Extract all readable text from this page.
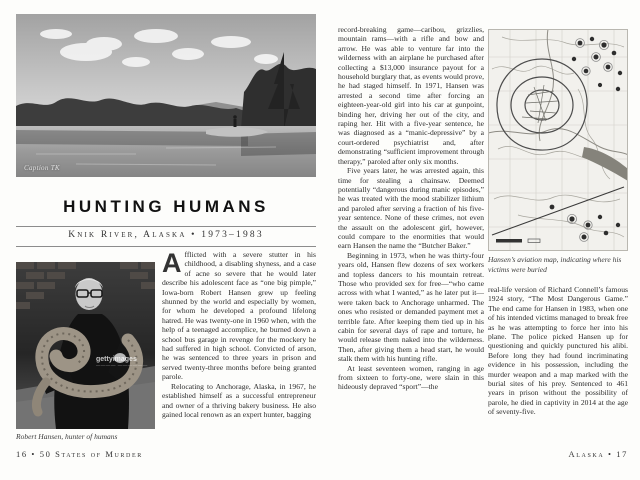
Caption TK
HUNTING HUMANS
Knik River, Alaska • 1973–1983
gettyimages
———— ——————
Robert Hansen, hunter of humans

Afflicted with a severe stutter in his childhood, a disabling shyness, and a case of acne so severe that he would later describe his adolescent face as “one big pimple,” Iowa-born Robert Hansen grew up feeling shunned by the world and especially by women, for whom he developed a profound lifelong hatred. He was twenty-one in 1960 when, with the help of a teenaged accomplice, he burned down a school bus garage in revenge for the mockery he had suffered in high school. Convicted of arson, he was sentenced to three years in prison and served twenty-three months before being granted parole.

Relocating to Anchorage, Alaska, in 1967, he established himself as a successful entrepreneur and owner of a thriving bakery business. He also gained local renown as an expert hunter, bagging

16 • 50 States of Murder

record-breaking game—caribou, grizzlies, mountain rams—with a rifle and bow and arrow. He was able to venture far into the wilderness with an airplane he purchased after collecting a $13,000 insurance payout for a household burglary that, as events would prove, he had staged himself. In 1971, Hansen was arrested a second time after forcing an eighteen-year-old girl into his car at gunpoint, binding her, driving her out of the city, and raping her. Hit with a five-year sentence, he was diagnosed as a “manic-depressive” by a court-ordered psychiatrist and, after demonstrating “sufficient improvement through therapy,” paroled after only six months.

Five years later, he was arrested again, this time for stealing a chainsaw. Deemed potentially “dangerous during manic episodes,” he was treated with the mood stabilizer lithium and paroled after serving a fraction of his five-year sentence. None of these crimes, not even the assault on the adolescent girl, however, could compare to the enormities that would earn Hansen the name the “Butcher Baker.”

Beginning in 1973, when he was thirty-four years old, Hansen flew dozens of sex workers and topless dancers to his mountain retreat. Those who provided sex for free—“who came across with what I wanted,” as he later put it—were taken back to Anchorage unharmed. The ones who resisted or demanded payment met a terrible fate. After keeping them tied up in his cabin for several days of rape and torture, he would release them naked into the wilderness. Then, after giving them a head start, he would stalk them with his hunting rifle.

At least seventeen women, ranging in age from sixteen to forty-one, were slain in this hideously depraved “sport”—the

Hansen’s aviation map, indicating where his victims were buried

real-life version of Richard Connell’s famous 1924 story, “The Most Dangerous Game.” The end came for Hansen in 1983, when one of his intended victims managed to break free as he was attempting to force her into his plane. The police picked Hansen up for questioning and quickly punctured his alibi. Before long they had found incriminating evidence in his possession, including the murder weapon and a map marked with the burial sites of his prey. Sentenced to 461 years in prison without the possibility of parole, he died in captivity in 2014 at the age of seventy-five.

Alaska • 17
